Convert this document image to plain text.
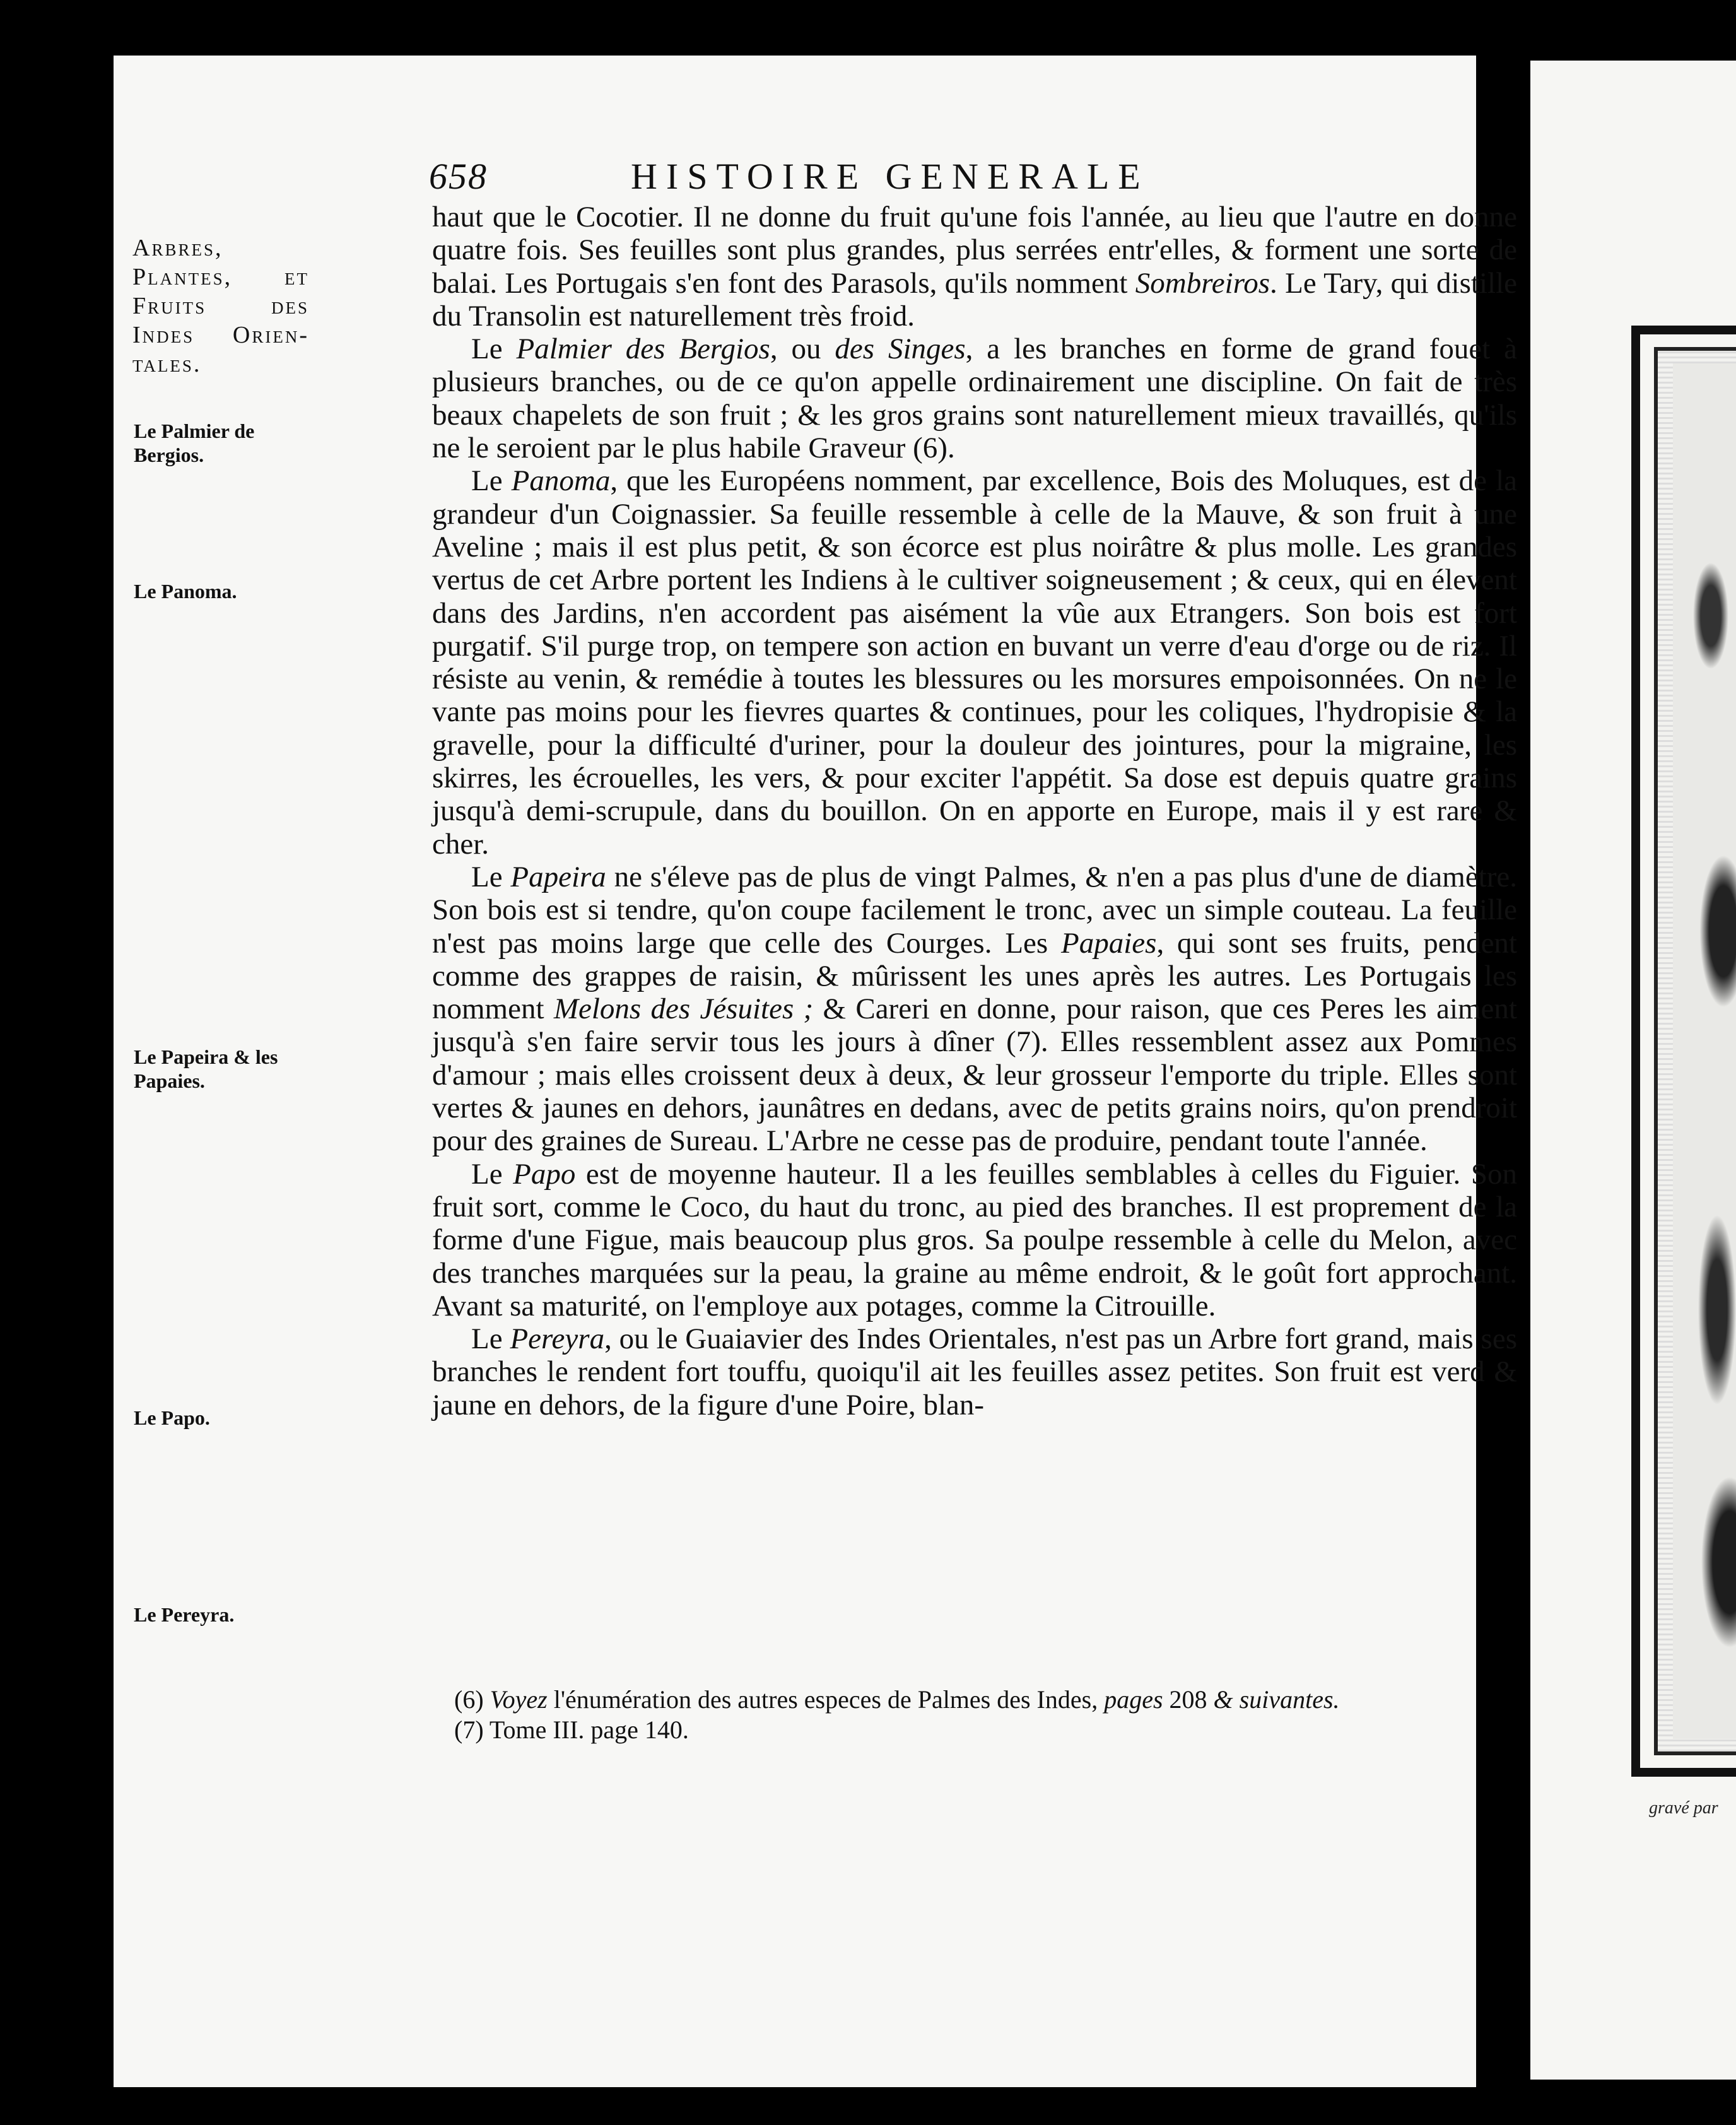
658	HISTOIRE GENERALE
Arbres, Plantes, et Fruits des Indes Orien-tales.
Le Palmier de Bergios.
Le Panoma.
Le Papeira & les Papaies.
Le Papo.
Le Pereyra.

haut que le Cocotier. Il ne donne du fruit qu'une fois l'année, au lieu que l'autre en donne quatre fois. Ses feuilles sont plus grandes, plus serrées entr'elles, & forment une sorte de balai. Les Portugais s'en font des Parasols, qu'ils nomment Sombreiros. Le Tary, qui distille du Transolin est naturellement très froid.

Le Palmier des Bergios, ou des Singes, a les branches en forme de grand fouet à plusieurs branches, ou de ce qu'on appelle ordinairement une discipline. On fait de très beaux chapelets de son fruit ; & les gros grains sont naturellement mieux travaillés, qu'ils ne le seroient par le plus habile Graveur (6).

Le Panoma, que les Européens nomment, par excellence, Bois des Moluques, est de la grandeur d'un Coignassier. Sa feuille ressemble à celle de la Mauve, & son fruit à une Aveline ; mais il est plus petit, & son écorce est plus noirâtre & plus molle. Les grandes vertus de cet Arbre portent les Indiens à le cultiver soigneusement ; & ceux, qui en élevent dans des Jardins, n'en accordent pas aisément la vûe aux Etrangers. Son bois est fort purgatif. S'il purge trop, on tempere son action en buvant un verre d'eau d'orge ou de riz. Il résiste au venin, & remédie à toutes les blessures ou les morsures empoisonnées. On ne le vante pas moins pour les fievres quartes & continues, pour les coliques, l'hydropisie & la gravelle, pour la difficulté d'uriner, pour la douleur des jointures, pour la migraine, les skirres, les écrouelles, les vers, & pour exciter l'appétit. Sa dose est depuis quatre grains jusqu'à demi-scrupule, dans du bouillon. On en apporte en Europe, mais il y est rare & cher.

Le Papeira ne s'éleve pas de plus de vingt Palmes, & n'en a pas plus d'une de diamètre. Son bois est si tendre, qu'on coupe facilement le tronc, avec un simple couteau. La feuille n'est pas moins large que celle des Courges. Les Papaies, qui sont ses fruits, pendent comme des grappes de raisin, & mûrissent les unes après les autres. Les Portugais les nomment Melons des Jésuites ; & Careri en donne, pour raison, que ces Peres les aiment jusqu'à s'en faire servir tous les jours à dîner (7). Elles ressemblent assez aux Pommes d'amour ; mais elles croissent deux à deux, & leur grosseur l'emporte du triple. Elles sont vertes & jaunes en dehors, jaunâtres en dedans, avec de petits grains noirs, qu'on prendroit pour des graines de Sureau. L'Arbre ne cesse pas de produire, pendant toute l'année.

Le Papo est de moyenne hauteur. Il a les feuilles semblables à celles du Figuier. Son fruit sort, comme le Coco, du haut du tronc, au pied des branches. Il est proprement de la forme d'une Figue, mais beaucoup plus gros. Sa poulpe ressemble à celle du Melon, avec des tranches marquées sur la peau, la graine au même endroit, & le goût fort approchant. Avant sa maturité, on l'employe aux potages, comme la Citrouille.

Le Pereyra, ou le Guaiavier des Indes Orientales, n'est pas un Arbre fort grand, mais ses branches le rendent fort touffu, quoiqu'il ait les feuilles assez petites. Son fruit est verd & jaune en dehors, de la figure d'une Poire, blan-

(6) Voyez l'énumération des autres especes de Palmes des Indes, pages 208 & suivantes.
(7) Tome III. page 140.
gravé par
